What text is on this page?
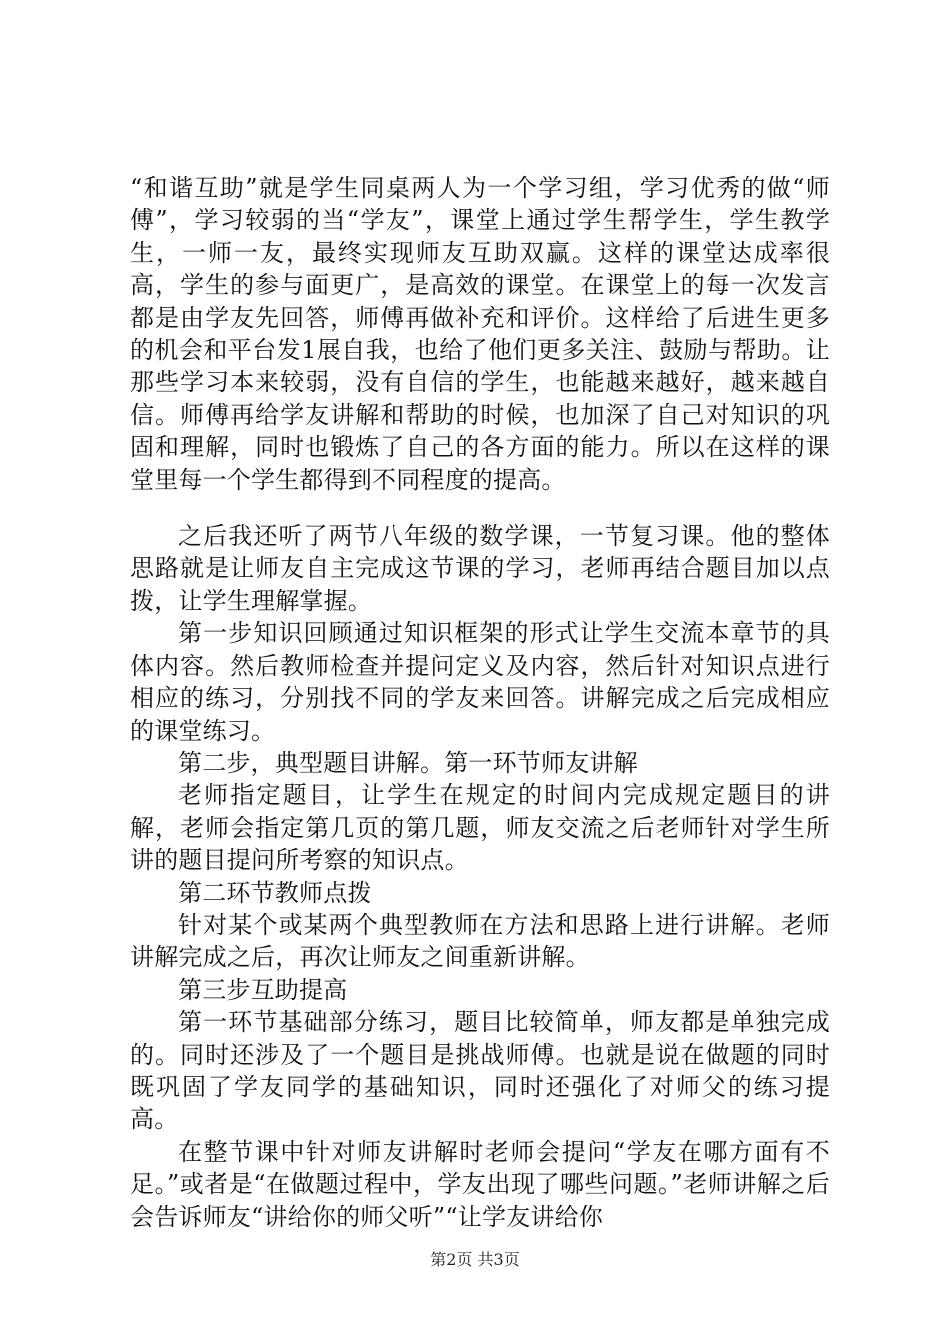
“和谐互助”就是学生同桌两人为一个学习组，学习优秀的做“师傅”，学习较弱的当“学友”，课堂上通过学生帮学生，学生教学生，一师一友，最终实现师友互助双赢。这样的课堂达成率很高，学生的参与面更广，是高效的课堂。在课堂上的每一次发言都是由学友先回答，师傅再做补充和评价。这样给了后进生更多的机会和平台发1展自我，也给了他们更多关注、鼓励与帮助。让那些学习本来较弱，没有自信的学生，也能越来越好，越来越自信。师傅再给学友讲解和帮助的时候，也加深了自己对知识的巩固和理解，同时也锻炼了自己的各方面的能力。所以在这样的课堂里每一个学生都得到不同程度的提高。

之后我还听了两节八年级的数学课，一节复习课。他的整体思路就是让师友自主完成这节课的学习，老师再结合题目加以点拨，让学生理解掌握。

第一步知识回顾通过知识框架的形式让学生交流本章节的具体内容。然后教师检查并提问定义及内容，然后针对知识点进行相应的练习，分别找不同的学友来回答。讲解完成之后完成相应的课堂练习。

第二步，典型题目讲解。第一环节师友讲解

老师指定题目，让学生在规定的时间内完成规定题目的讲解，老师会指定第几页的第几题，师友交流之后老师针对学生所讲的题目提问所考察的知识点。

第二环节教师点拨

针对某个或某两个典型教师在方法和思路上进行讲解。老师讲解完成之后，再次让师友之间重新讲解。

第三步互助提高

第一环节基础部分练习，题目比较简单，师友都是单独完成的。同时还涉及了一个题目是挑战师傅。也就是说在做题的同时既巩固了学友同学的基础知识，同时还强化了对师父的练习提高。

在整节课中针对师友讲解时老师会提问“学友在哪方面有不足。”或者是“在做题过程中，学友出现了哪些问题。”老师讲解之后会告诉师友“讲给你的师父听”“让学友讲给你

第2页 共3页
